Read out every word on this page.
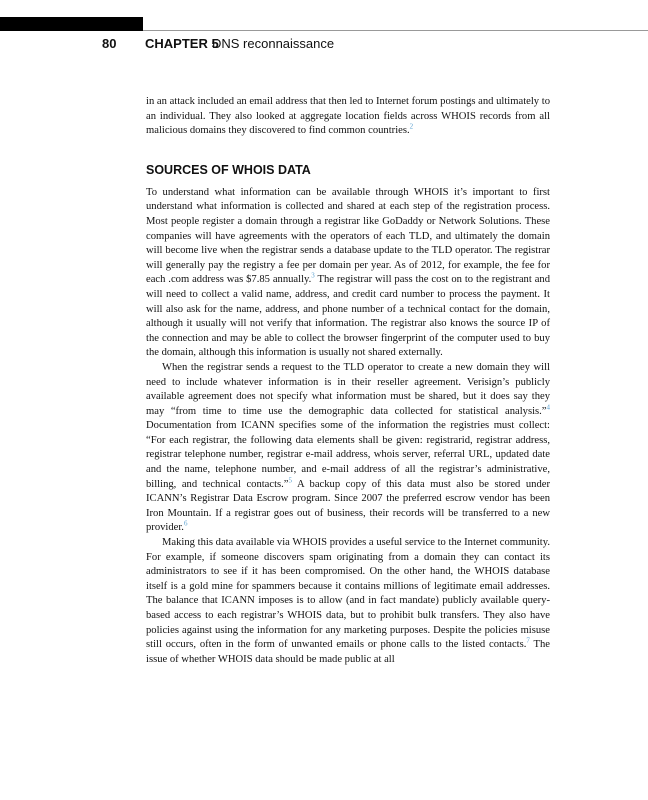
80 CHAPTER 5
DNS reconnaissance

in an attack included an email address that then led to Internet forum postings and ultimately to an individual. They also looked at aggregate location fields across WHOIS records from all malicious domains they discovered to find common countries.$^2$

SOURCES OF WHOIS DATA

To understand what information can be available through WHOIS it’s important to first understand what information is collected and shared at each step of the registration process. Most people register a domain through a registrar like GoDaddy or Network Solutions. These companies will have agreements with the operators of each TLD, and ultimately the domain will become live when the registrar sends a database update to the TLD operator. The registrar will generally pay the registry a fee per domain per year. As of 2012, for example, the fee for each .com address was $7.85 annually.$^3$ The registrar will pass the cost on to the registrant and will need to collect a valid name, address, and credit card number to process the payment. It will also ask for the name, address, and phone number of a technical contact for the domain, although it usually will not verify that information. The registrar also knows the source IP of the connection and may be able to collect the browser fingerprint of the computer used to buy the domain, although this information is usually not shared externally.

When the registrar sends a request to the TLD operator to create a new domain they will need to include whatever information is in their reseller agreement. Verisign’s publicly available agreement does not specify what information must be shared, but it does say they may “from time to time use the demographic data collected for statistical analysis.”$^4$ Documentation from ICANN specifies some of the information the registries must collect: “For each registrar, the following data elements shall be given: registrarid, registrar address, registrar telephone number, registrar e-mail address, whois server, referral URL, updated date and the name, telephone number, and e-mail address of all the registrar’s administrative, billing, and technical contacts.”$^5$ A backup copy of this data must also be stored under ICANN’s Registrar Data Escrow program. Since 2007 the preferred escrow vendor has been Iron Mountain. If a registrar goes out of business, their records will be transferred to a new provider.$^6$

Making this data available via WHOIS provides a useful service to the Internet community. For example, if someone discovers spam originating from a domain they can contact its administrators to see if it has been compromised. On the other hand, the WHOIS database itself is a gold mine for spammers because it contains millions of legitimate email addresses. The balance that ICANN imposes is to allow (and in fact mandate) publicly available query-based access to each registrar’s WHOIS data, but to prohibit bulk transfers. They also have policies against using the information for any marketing purposes. Despite the policies misuse still occurs, often in the form of unwanted emails or phone calls to the listed contacts.$^7$ The issue of whether WHOIS data should be made public at all
